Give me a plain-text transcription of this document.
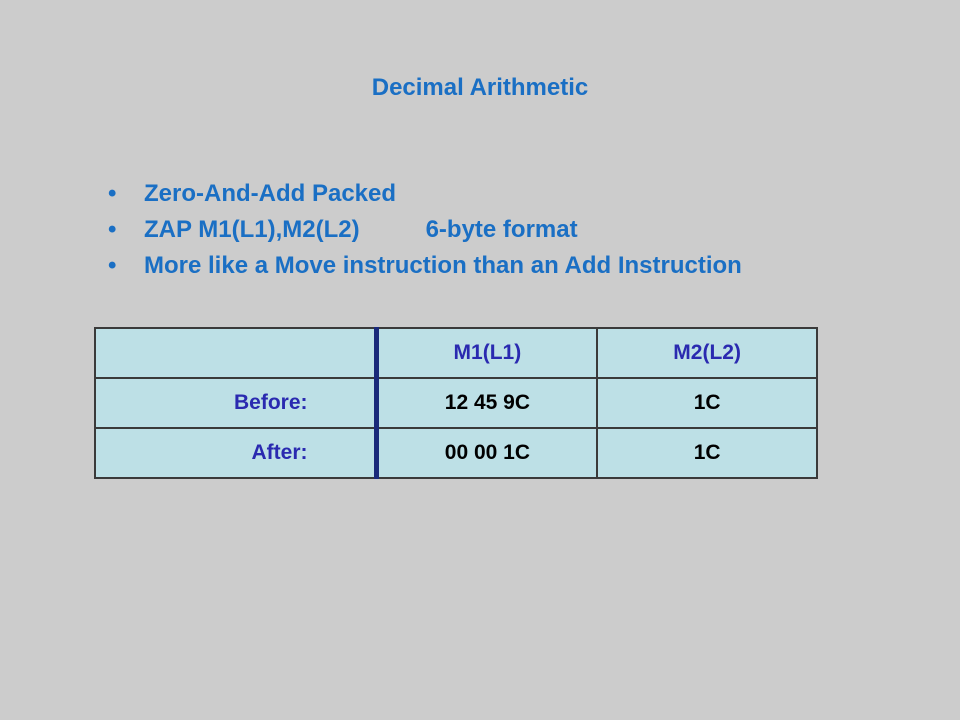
Decimal Arithmetic
• Zero-And-Add Packed
• ZAP M1(L1),M2(L2)	6-byte format
• More like a Move instruction than an Add Instruction
	M1(L1)	M2(L2)
Before:	12 45 9C	1C
After:	00 00 1C	1C
